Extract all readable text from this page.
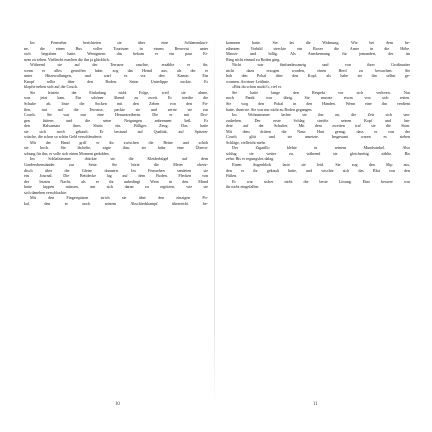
Im Fernseher berichteten sie über eine Schlammlawi-
ne, die einen Bus voller Touristen in einem Reservat unter
sich begraben hatte. Wenigstens das bekam er ein paar Ei-
nem zu sehen. Vielleicht machen die ihn ja glücklich.
Während sie auf der Terrasse rauchte, erzählte er ihr,
wenn er alles getroffen habe, zog das Hemd aus, als der er
unter Hitzewallungen, und warf es vor den Kamin. Ein
Knopf rollte über den Boden. Seine Unterlippe zuckte. Er
klopfte neben sich auf die Couch.
Sie leistete der Einladung nicht Folge, weil sie ahnte,
was jetzt kam. Ein schöner Abend zu zweit. Er streifte die
Schuhe ab, löste die Socken mit den Zehen von den Fü-
ßen, trat auf die Terrasse, packte sie und zerrte sie zur
Couch. Sie war nur eine Herumtreiberin. Die er mit Dro-
gen füttern und die seine Neigungen anbrennen ließ. Er
den Halsansatz ihres Shirts ein. Billiges Zeug. Das hatte
sie sich noch gekauft. Er bestand auf Qualität, auf Spitzen-
wäsche, die schon so schön Geld verschleuderte.
Mit der Hand griff er ihr zwischen die Beine und schob
sie hoch. Sie lächelte, sagte ihm, sie habe eine Überra-
schung für ihn, er solle sich einen Moment gedulden.
Im Schlafzimmer drückte sie die Kleiderbügel auf dem
Garderobenständer zur Seite. Sie hörte die Meter oberir-
disch über die Gleise donnern. Im Fernsehen sendeten sie
ein Journal. Die Bettdecke lag auf dem Boden. Flecken von
der letzten Nacht, als er ihr unbedingt Wein in den Mund
hatte kippen müssen, um sich daran zu ergötzen, wie sie
sich daneben verschluckte.
Mit den Fingerspitzen strich sie über den einzigen Po-
kal, den er noch seinem Abschiedskampf überreicht be-
kommen hatte. Sie las die Widmung. Wie bei dem be-
rühmten Vorbild streckte ein Boxer die Arme in die Höhe.
Massiv und billig. Als Anerkennung für jemanden, der im
Ring nicht einmal zu Boden ging.
Nicht war fünfundzwanzig und von ihrer Großmutter
nicht dazu erzogen worden, einen Herd zu bewachen. Sie
hob den Pokal über den Kopf, als habe sie ihn selbst ge-
wonnen. An einer Leitlinie.
»Bist du schon nackt?«, rief er.
Sie hatte lange den Respekt vor sich verloren. Nur
noch Panik war übrig. Sie musste etwas von sich retten.
Sie wog den Pokal in den Händen. Wenn eine ihn verdient
hatte, dann sie. Sie war nur nicht zu Boden gegangen.
Im Wohnzimmer lachte sie ihn an, die Zeit sich um-
zudrehen. Der erste Schlag streifte seinen Kopf und lan-
dete auf der Schulter. Mit dem zweiten traf sie die Stirn.
Mit dem dritten die Nase. Hart genug, dass er von der
Couch glitt und sie ansetzte. Insgesamt waren es sieben
Schläge, vielleicht mehr.
Der Zigarillo klebte in seinem Mundwinkel. Also
schlug sie weiter zu, während sie gleichzeitig zählte. Bis
zehn. Bis er regungslos dalag.
Einen Augenblick lacte sie leid. Sie zog den Slip aus,
den er ihr gekauft hatte, und wischte sich das Blut von den
Füßen.
Er war sicher nicht die beste Lösung. Eine bessere war
ihr nicht eingefallen.
10	11
